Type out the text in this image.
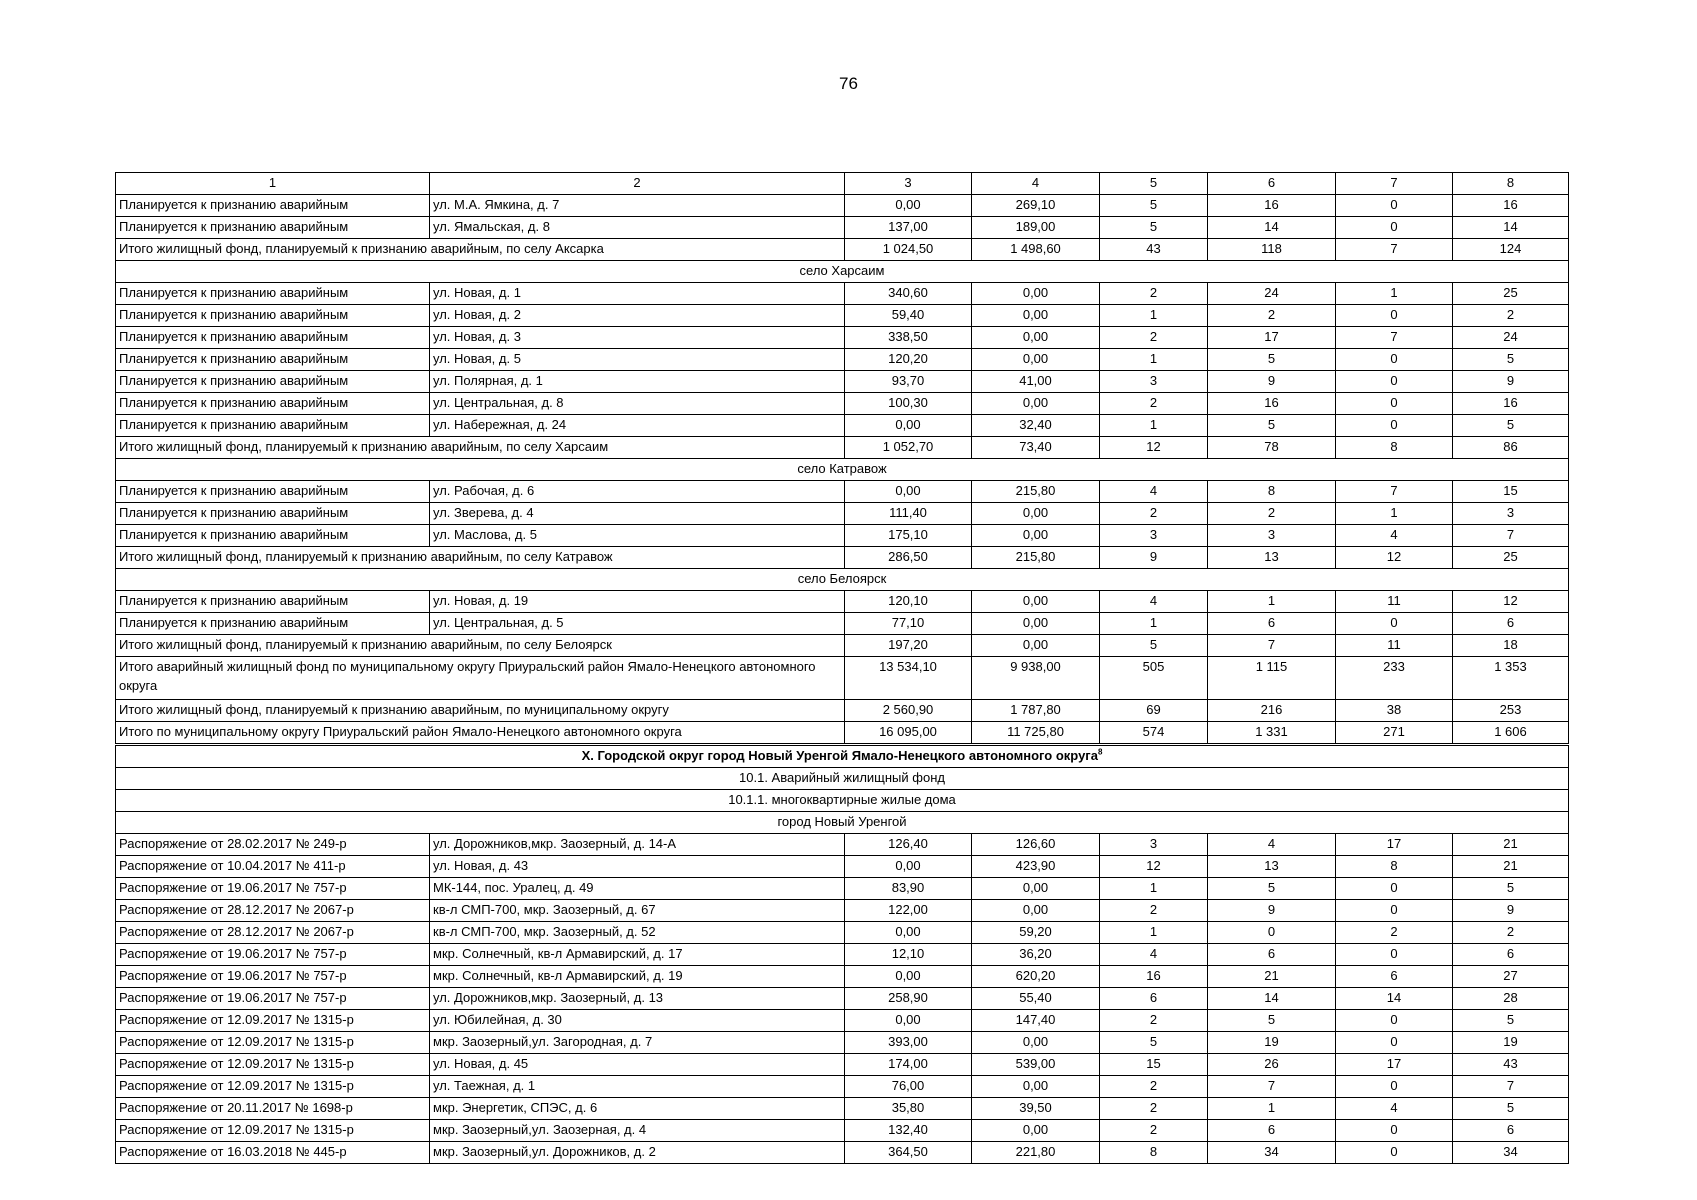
76
1	2	3	4	5	6	7	8
Планируется к признанию аварийным	ул. М.А. Ямкина, д. 7	0,00	269,10	5	16	0	16
Планируется к признанию аварийным	ул. Ямальская, д. 8	137,00	189,00	5	14	0	14
Итого жилищный фонд, планируемый к признанию аварийным, по селу Аксарка		1 024,50	1 498,60	43	118	7	124
село Харсаим							
Планируется к признанию аварийным	ул. Новая, д. 1	340,60	0,00	2	24	1	25
Планируется к признанию аварийным	ул. Новая, д. 2	59,40	0,00	1	2	0	2
Планируется к признанию аварийным	ул. Новая, д. 3	338,50	0,00	2	17	7	24
Планируется к признанию аварийным	ул. Новая, д. 5	120,20	0,00	1	5	0	5
Планируется к признанию аварийным	ул. Полярная, д. 1	93,70	41,00	3	9	0	9
Планируется к признанию аварийным	ул. Центральная, д. 8	100,30	0,00	2	16	0	16
Планируется к признанию аварийным	ул. Набережная, д. 24	0,00	32,40	1	5	0	5
Итого жилищный фонд, планируемый к признанию аварийным, по селу Харсаим		1 052,70	73,40	12	78	8	86
село Катравож							
Планируется к признанию аварийным	ул. Рабочая, д. 6	0,00	215,80	4	8	7	15
Планируется к признанию аварийным	ул. Зверева, д. 4	111,40	0,00	2	2	1	3
Планируется к признанию аварийным	ул. Маслова, д. 5	175,10	0,00	3	3	4	7
Итого жилищный фонд, планируемый к признанию аварийным, по селу Катравож		286,50	215,80	9	13	12	25
село Белоярск							
Планируется к признанию аварийным	ул. Новая, д. 19	120,10	0,00	4	1	11	12
Планируется к признанию аварийным	ул. Центральная, д. 5	77,10	0,00	1	6	0	6
Итого жилищный фонд, планируемый к признанию аварийным, по селу Белоярск		197,20	0,00	5	7	11	18
Итого аварийный жилищный фонд по муниципальному округу Приуральский район Ямало-Ненецкого автономного округа		13 534,10	9 938,00	505	1 115	233	1 353
Итого жилищный фонд, планируемый к признанию аварийным, по муниципальному округу		2 560,90	1 787,80	69	216	38	253
Итого по муниципальному округу Приуральский район Ямало-Ненецкого автономного округа		16 095,00	11 725,80	574	1 331	271	1 606
X. Городской округ город Новый Уренгой Ямало-Ненецкого автономного округа$^8$
10.1. Аварийный жилищный фонд							
10.1.1. многоквартирные жилые дома							
город Новый Уренгой							
Распоряжение от 28.02.2017 № 249-р	ул. Дорожников,мкр. Заозерный, д. 14-А	126,40	126,60	3	4	17	21
Распоряжение от 10.04.2017 № 411-р	ул. Новая, д. 43	0,00	423,90	12	13	8	21
Распоряжение от 19.06.2017 № 757-р	МК-144, пос. Уралец, д. 49	83,90	0,00	1	5	0	5
Распоряжение от 28.12.2017 № 2067-р	кв-л СМП-700, мкр. Заозерный, д. 67	122,00	0,00	2	9	0	9
Распоряжение от 28.12.2017 № 2067-р	кв-л СМП-700, мкр. Заозерный, д. 52	0,00	59,20	1	0	2	2
Распоряжение от 19.06.2017 № 757-р	мкр. Солнечный, кв-л Армавирский, д. 17	12,10	36,20	4	6	0	6
Распоряжение от 19.06.2017 № 757-р	мкр. Солнечный, кв-л Армавирский, д. 19	0,00	620,20	16	21	6	27
Распоряжение от 19.06.2017 № 757-р	ул. Дорожников,мкр. Заозерный, д. 13	258,90	55,40	6	14	14	28
Распоряжение от 12.09.2017 № 1315-р	ул. Юбилейная, д. 30	0,00	147,40	2	5	0	5
Распоряжение от 12.09.2017 № 1315-р	мкр. Заозерный,ул. Загородная, д. 7	393,00	0,00	5	19	0	19
Распоряжение от 12.09.2017 № 1315-р	ул. Новая, д. 45	174,00	539,00	15	26	17	43
Распоряжение от 12.09.2017 № 1315-р	ул. Таежная, д. 1	76,00	0,00	2	7	0	7
Распоряжение от 20.11.2017 № 1698-р	мкр. Энергетик, СПЭС, д. 6	35,80	39,50	2	1	4	5
Распоряжение от 12.09.2017 № 1315-р	мкр. Заозерный,ул. Заозерная, д. 4	132,40	0,00	2	6	0	6
Распоряжение от 16.03.2018 № 445-р	мкр. Заозерный,ул. Дорожников, д. 2	364,50	221,80	8	34	0	34
